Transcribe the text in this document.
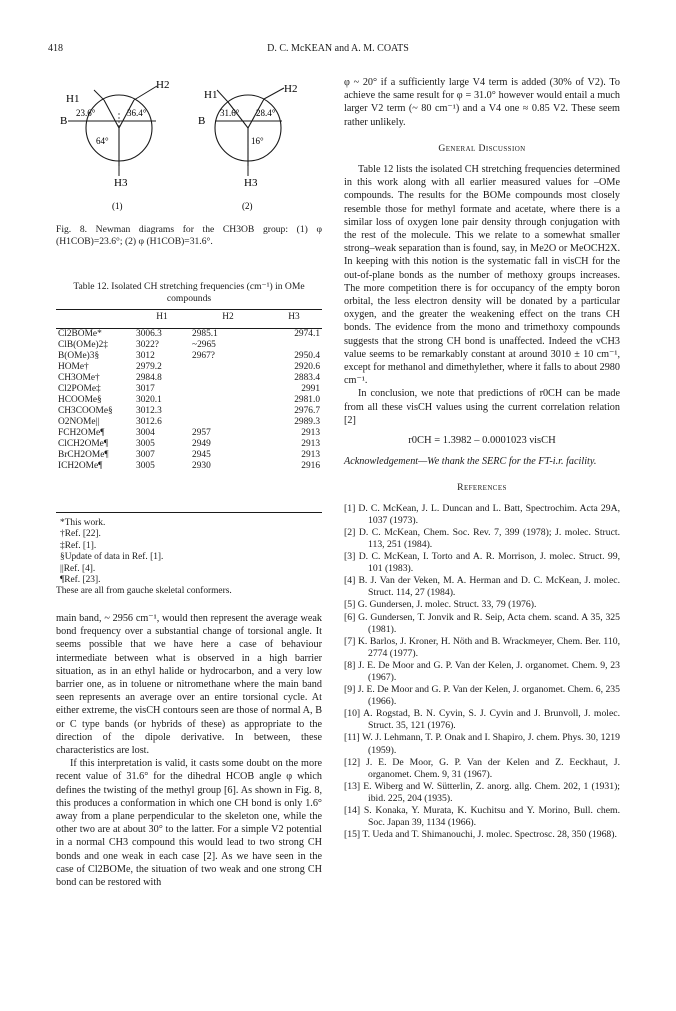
418	D. C. McKEAN and A. M. COATS
B
H1
H2
H3
23.6°	36.4°
64°
(1)
B
H1	H2
H3
31.6° 28.4°
16°
(2)
Fig. 8. Newman diagrams for the CH3OB group: (1) φ (H1COB)=23.6°; (2) φ (H1COB)=31.6°.
Table 12. Isolated CH stretching frequencies (cm⁻¹) in OMe compounds
	H1	H2	H3

Cl2BOMe*	3006.3	2985.1	2974.1
ClB(OMe)2‡	3022?	~2965	
B(OMe)3§	3012	2967?	2950.4
HOMe†	2979.2		2920.6
CH3OMe†	2984.8		2883.4
Cl2POMe‡	3017		2991
HCOOMe§	3020.1		2981.0
CH3COOMe§	3012.3		2976.7
O2NOMe||	3012.6		2989.3
FCH2OMe¶	3004	2957	2913
ClCH2OMe¶	3005	2949	2913
BrCH2OMe¶	3007	2945	2913
ICH2OMe¶	3005	2930	2916
*This work.
†Ref. [22].
‡Ref. [1].
§Update of data in Ref. [1].
||Ref. [4].
¶Ref. [23].
These are all from gauche skeletal conformers.

main band, ~ 2956 cm⁻¹, would then represent the average weak bond frequency over a substantial change of torsional angle. It seems possible that we have here a case of behaviour intermediate between what is observed in a high barrier situation, as in an ethyl halide or hydrocarbon, and a very low barrier one, as in toluene or nitromethane where the main band seen represents an average over an entire torsional cycle. At either extreme, the νisCH contours seen are those of normal A, B or C type bands (or hybrids of these) as appropriate to the direction of the dipole derivative. In between, these characteristics are lost.

If this interpretation is valid, it casts some doubt on the more recent value of 31.6° for the dihedral HCOB angle φ which defines the twisting of the methyl group [6]. As shown in Fig. 8, this produces a conformation in which one CH bond is only 1.6° away from a plane perpendicular to the skeleton one, while the other two are at about 30° to the latter. For a simple V2 potential in a normal CH3 compound this would lead to two strong CH bonds and one weak in each case [2]. As we have seen in the case of Cl2BOMe, the situation of two weak and one strong CH bond can be restored with

φ ~ 20° if a sufficiently large V4 term is added (30% of V2). To achieve the same result for φ = 31.0° however would entail a much larger V2 term (~ 80 cm⁻¹) and a V4 one ≈ 0.85 V2. These seem rather unlikely.

General Discussion

Table 12 lists the isolated CH stretching frequencies determined in this work along with all earlier measured values for –OMe compounds. The results for the BOMe compounds most closely resemble those for methyl formate and acetate, where there is a similar loss of oxygen lone pair density through conjugation with the rest of the molecule. This we relate to a somewhat smaller strong–weak separation than is found, say, in Me2O or MeOCH2X. In keeping with this notion is the systematic fall in νisCH for the out-of-plane bonds as the number of methoxy groups increases. The more competition there is for occupancy of the empty boron orbital, the less electron density will be donated by a particular oxygen, and the greater the weakening effect on the trans CH bonds. The evidence from the mono and trimethoxy compounds suggests that the strong CH bond is unaffected. Indeed the νCH3 value seems to be remarkably constant at around 3010 ± 10 cm⁻¹, except for methanol and dimethylether, where it falls to about 2980 cm⁻¹.

In conclusion, we note that predictions of r0CH can be made from all these νisCH values using the current correlation relation [2]

r0CH = 1.3982 – 0.0001023 νisCH

Acknowledgement—We thank the SERC for the FT-i.r. facility.

References

[1] D. C. McKean, J. L. Duncan and L. Batt, Spectrochim. Acta 29A, 1037 (1973).

[2] D. C. McKean, Chem. Soc. Rev. 7, 399 (1978); J. molec. Struct. 113, 251 (1984).

[3] D. C. McKean, I. Torto and A. R. Morrison, J. molec. Struct. 99, 101 (1983).

[4] B. J. Van der Veken, M. A. Herman and D. C. McKean, J. molec. Struct. 114, 27 (1984).

[5] G. Gundersen, J. molec. Struct. 33, 79 (1976).

[6] G. Gundersen, T. Jonvik and R. Seip, Acta chem. scand. A 35, 325 (1981).

[7] K. Barlos, J. Kroner, H. Nöth and B. Wrackmeyer, Chem. Ber. 110, 2774 (1977).

[8] J. E. De Moor and G. P. Van der Kelen, J. organomet. Chem. 9, 23 (1967).

[9] J. E. De Moor and G. P. Van der Kelen, J. organomet. Chem. 6, 235 (1966).

[10] A. Rogstad, B. N. Cyvin, S. J. Cyvin and J. Brunvoll, J. molec. Struct. 35, 121 (1976).

[11] W. J. Lehmann, T. P. Onak and I. Shapiro, J. chem. Phys. 30, 1219 (1959).

[12] J. E. De Moor, G. P. Van der Kelen and Z. Eeckhaut, J. organomet. Chem. 9, 31 (1967).

[13] E. Wiberg and W. Sütterlin, Z. anorg. allg. Chem. 202, 1 (1931); ibid. 225, 204 (1935).

[14] S. Konaka, Y. Murata, K. Kuchitsu and Y. Morino, Bull. chem. Soc. Japan 39, 1134 (1966).

[15] T. Ueda and T. Shimanouchi, J. molec. Spectrosc. 28, 350 (1968).
